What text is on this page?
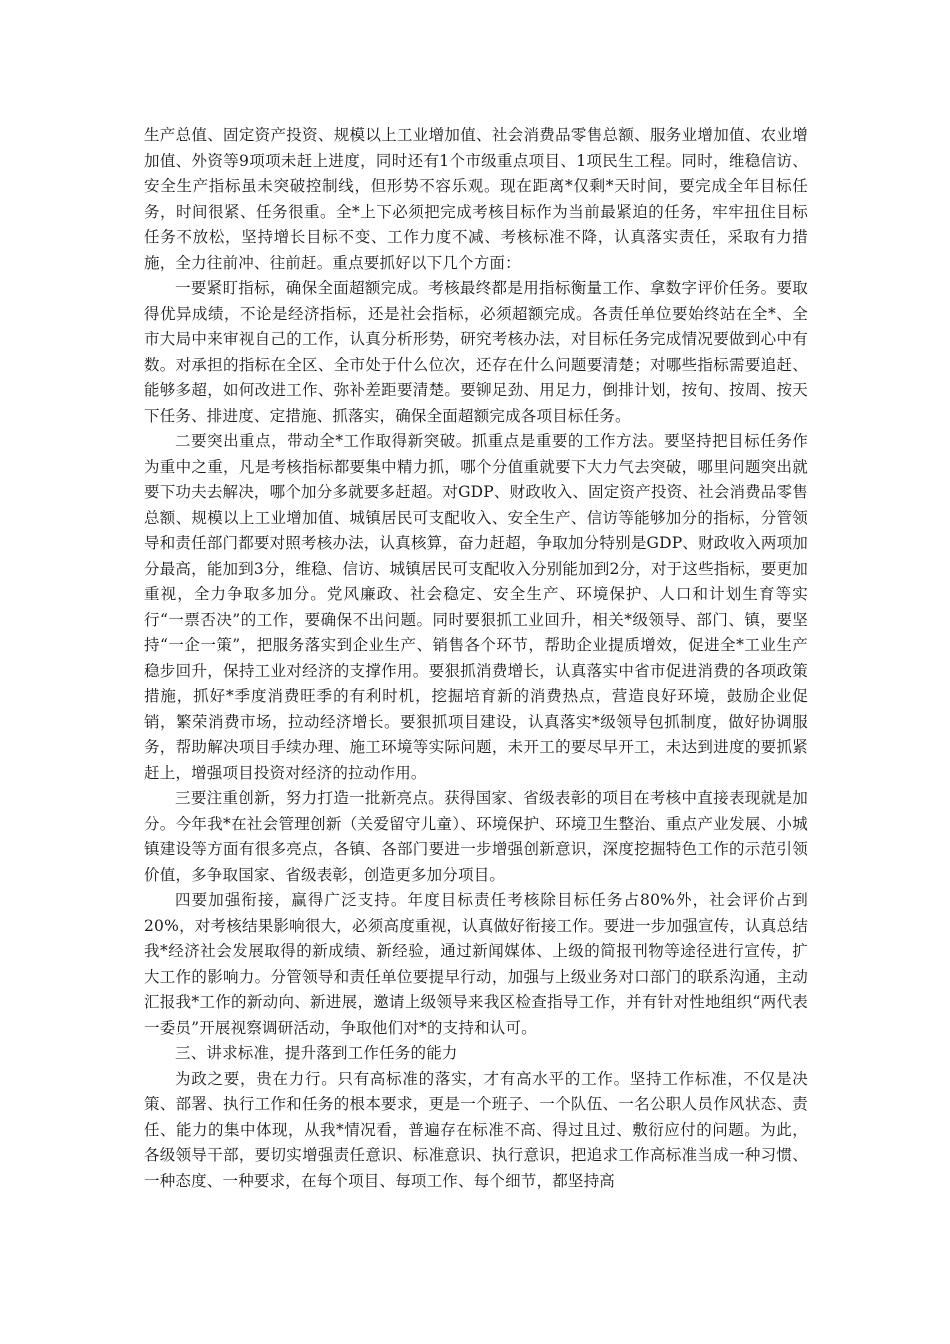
生产总值、固定资产投资、规模以上工业增加值、社会消费品零售总额、服务业增加值、农业增加值、外资等9项项未赶上进度，同时还有1个市级重点项目、1项民生工程。同时，维稳信访、安全生产指标虽未突破控制线，但形势不容乐观。现在距离*仅剩*天时间，要完成全年目标任务，时间很紧、任务很重。全*上下必须把完成考核目标作为当前最紧迫的任务，牢牢扭住目标任务不放松，坚持增长目标不变、工作力度不减、考核标准不降，认真落实责任，采取有力措施，全力往前冲、往前赶。重点要抓好以下几个方面：

一要紧盯指标，确保全面超额完成。考核最终都是用指标衡量工作、拿数字评价任务。要取得优异成绩，不论是经济指标，还是社会指标，必须超额完成。各责任单位要始终站在全*、全市大局中来审视自己的工作，认真分析形势，研究考核办法，对目标任务完成情况要做到心中有数。对承担的指标在全区、全市处于什么位次，还存在什么问题要清楚；对哪些指标需要追赶、能够多超，如何改进工作、弥补差距要清楚。要铆足劲、用足力，倒排计划，按旬、按周、按天下任务、排进度、定措施、抓落实，确保全面超额完成各项目标任务。

二要突出重点，带动全*工作取得新突破。抓重点是重要的工作方法。要坚持把目标任务作为重中之重，凡是考核指标都要集中精力抓，哪个分值重就要下大力气去突破，哪里问题突出就要下功夫去解决，哪个加分多就要多赶超。对GDP、财政收入、固定资产投资、社会消费品零售总额、规模以上工业增加值、城镇居民可支配收入、安全生产、信访等能够加分的指标，分管领导和责任部门都要对照考核办法，认真核算，奋力赶超，争取加分特别是GDP、财政收入两项加分最高，能加到3分，维稳、信访、城镇居民可支配收入分别能加到2分，对于这些指标，要更加重视，全力争取多加分。党风廉政、社会稳定、安全生产、环境保护、人口和计划生育等实行“一票否决”的工作，要确保不出问题。同时要狠抓工业回升，相关*级领导、部门、镇，要坚持“一企一策”，把服务落实到企业生产、销售各个环节，帮助企业提质增效，促进全*工业生产稳步回升，保持工业对经济的支撑作用。要狠抓消费增长，认真落实中省市促进消费的各项政策措施，抓好*季度消费旺季的有利时机，挖掘培育新的消费热点，营造良好环境，鼓励企业促销，繁荣消费市场，拉动经济增长。要狠抓项目建设，认真落实*级领导包抓制度，做好协调服务，帮助解决项目手续办理、施工环境等实际问题，未开工的要尽早开工，未达到进度的要抓紧赶上，增强项目投资对经济的拉动作用。

三要注重创新，努力打造一批新亮点。获得国家、省级表彰的项目在考核中直接表现就是加分。今年我*在社会管理创新（关爱留守儿童）、环境保护、环境卫生整治、重点产业发展、小城镇建设等方面有很多亮点，各镇、各部门要进一步增强创新意识，深度挖掘特色工作的示范引领价值，多争取国家、省级表彰，创造更多加分项目。

四要加强衔接，赢得广泛支持。年度目标责任考核除目标任务占80%外，社会评价占到20%，对考核结果影响很大，必须高度重视，认真做好衔接工作。要进一步加强宣传，认真总结我*经济社会发展取得的新成绩、新经验，通过新闻媒体、上级的简报刊物等途径进行宣传，扩大工作的影响力。分管领导和责任单位要提早行动，加强与上级业务对口部门的联系沟通，主动汇报我*工作的新动向、新进展，邀请上级领导来我区检查指导工作，并有针对性地组织“两代表一委员”开展视察调研活动，争取他们对*的支持和认可。

三、讲求标准，提升落到工作任务的能力

为政之要，贵在力行。只有高标准的落实，才有高水平的工作。坚持工作标准，不仅是决策、部署、执行工作和任务的根本要求，更是一个班子、一个队伍、一名公职人员作风状态、责任、能力的集中体现，从我*情况看，普遍存在标准不高、得过且过、敷衍应付的问题。为此，各级领导干部，要切实增强责任意识、标准意识、执行意识，把追求工作高标准当成一种习惯、一种态度、一种要求，在每个项目、每项工作、每个细节，都坚持高
